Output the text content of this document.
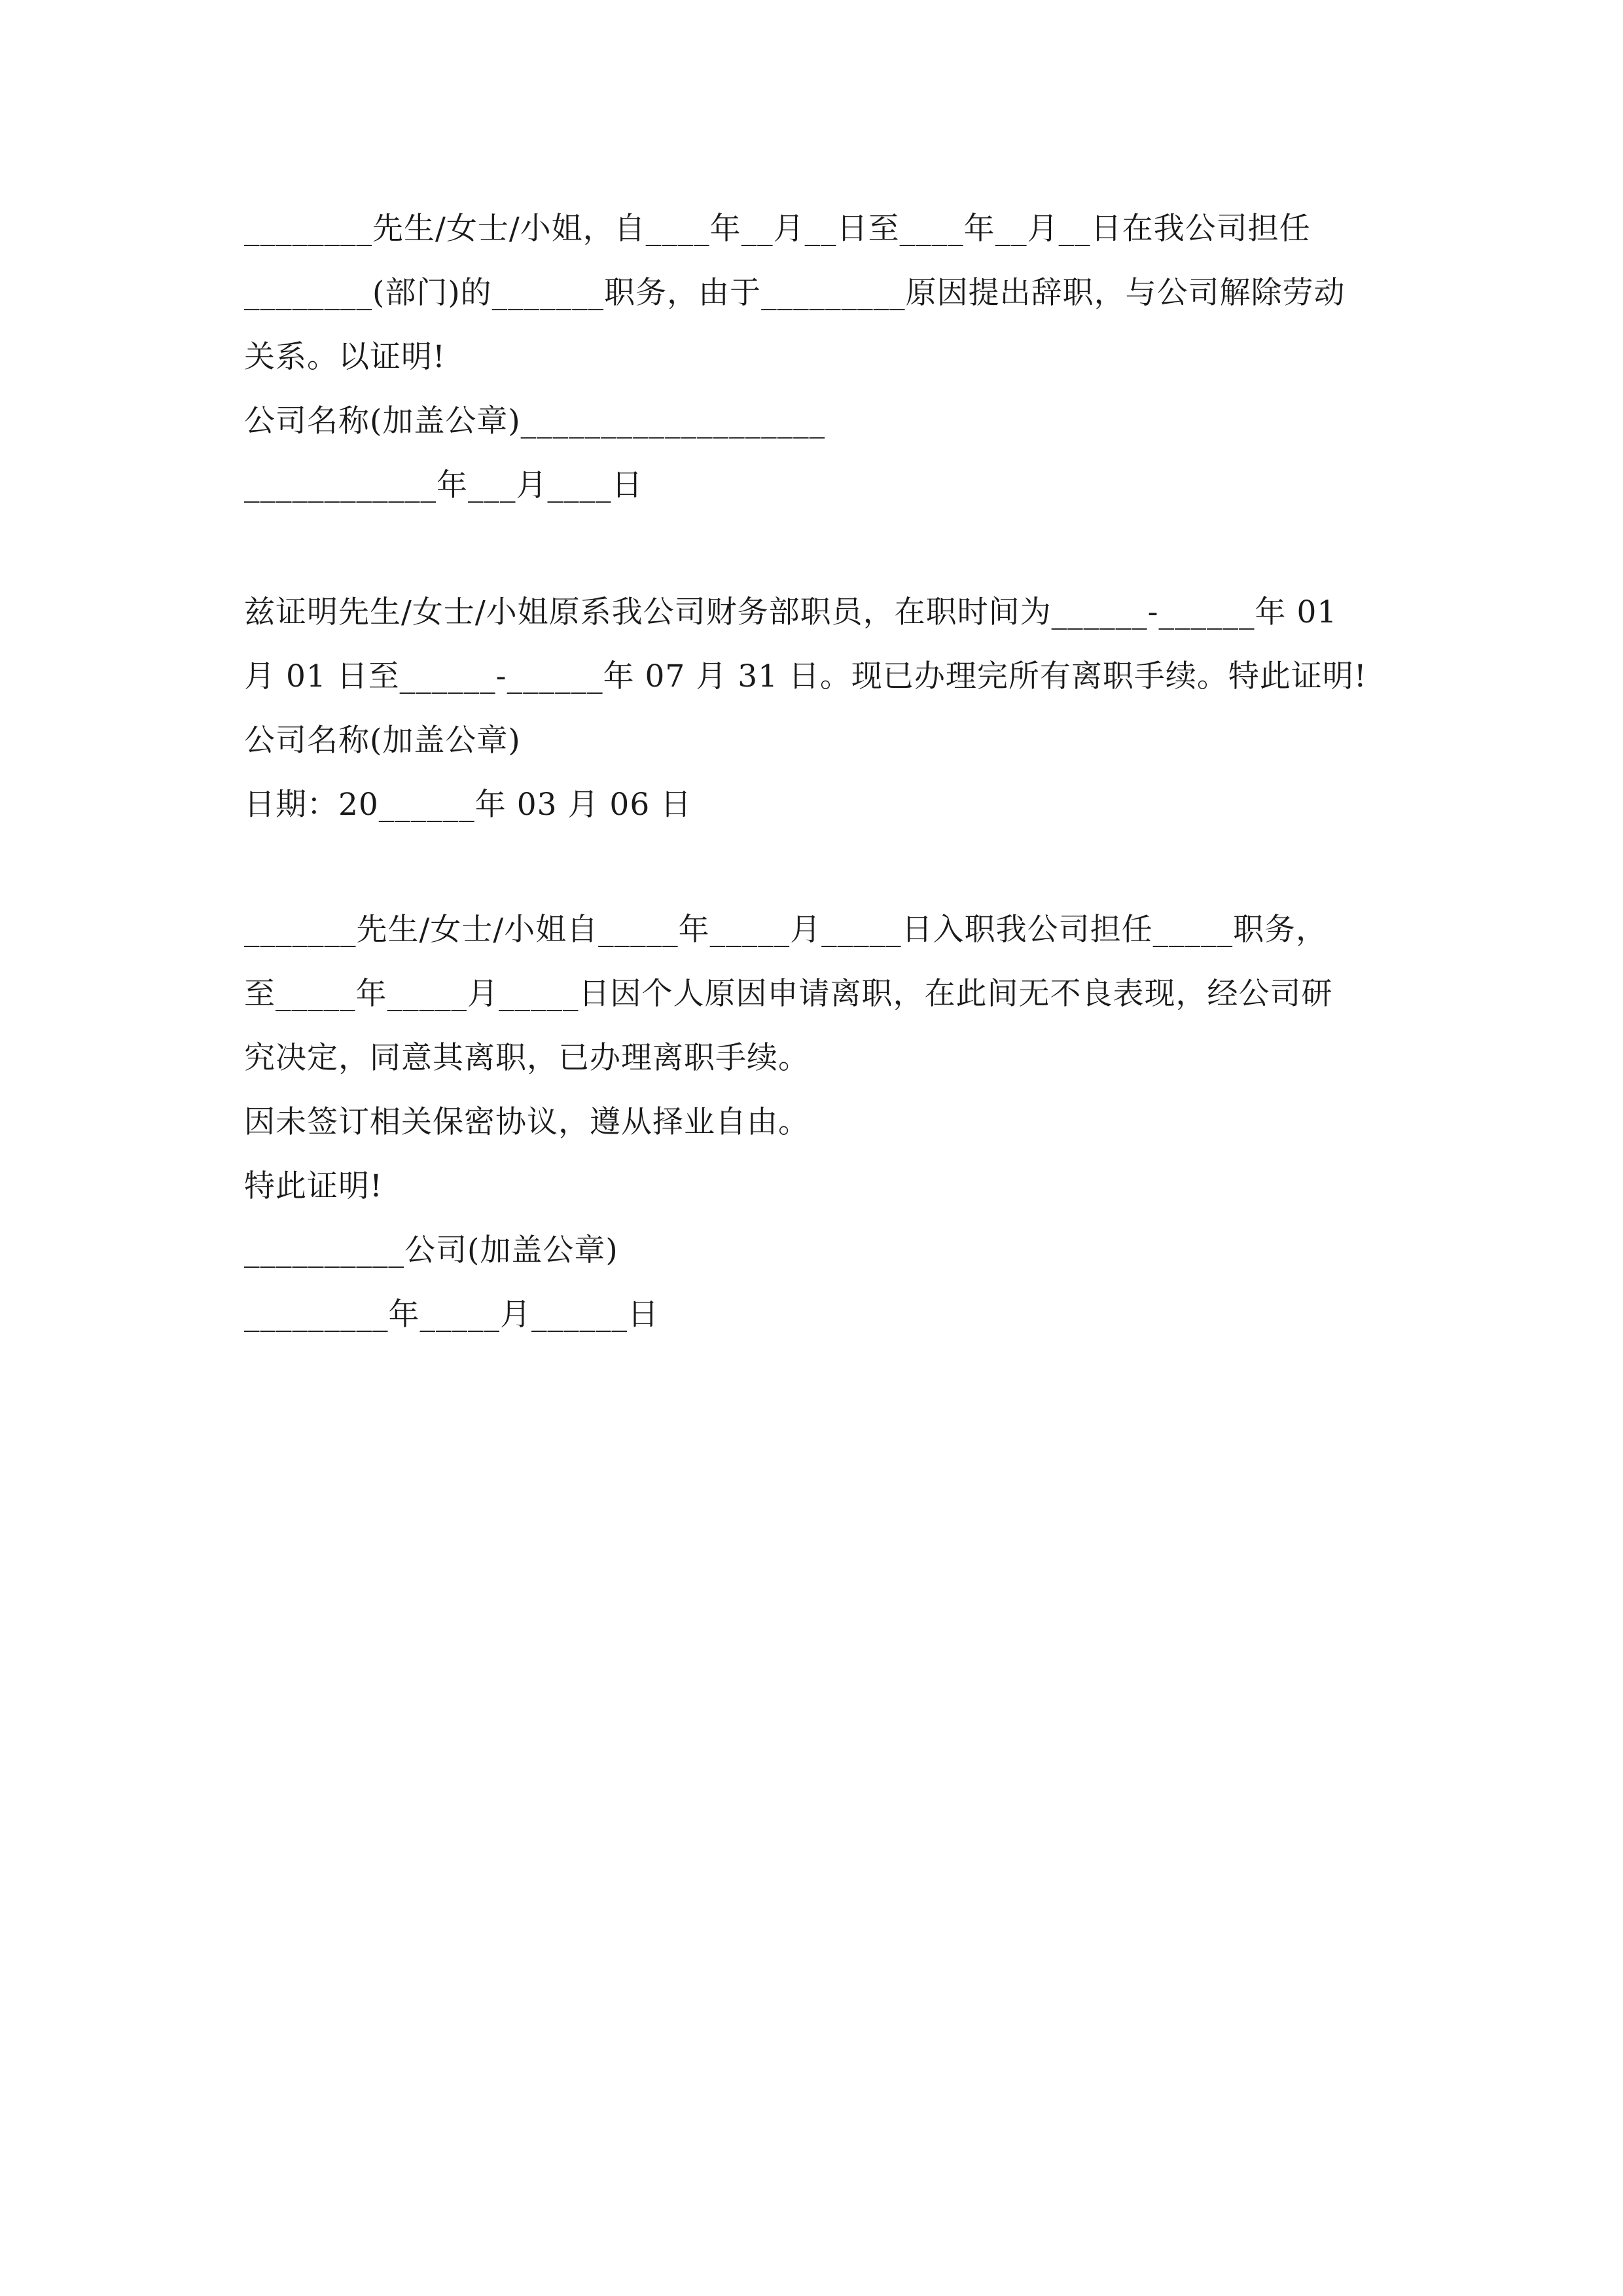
________先生/女士/小姐，自____年__月__日至____年__月__日在我公司担任
________(部门)的_______职务，由于_________原因提出辞职，与公司解除劳动
关系。以证明!
公司名称(加盖公章)___________________
____________年___月____日
兹证明先生/女士/小姐原系我公司财务部职员，在职时间为______-______年 01
月 01 日至______-______年 07 月 31 日。现已办理完所有离职手续。特此证明!
公司名称(加盖公章)
日期：20______年 03 月 06 日
_______先生/女士/小姐自_____年_____月_____日入职我公司担任_____职务，
至_____年_____月_____日因个人原因申请离职，在此间无不良表现，经公司研
究决定，同意其离职，已办理离职手续。
因未签订相关保密协议，遵从择业自由。
特此证明!
__________公司(加盖公章)
_________年_____月______日
